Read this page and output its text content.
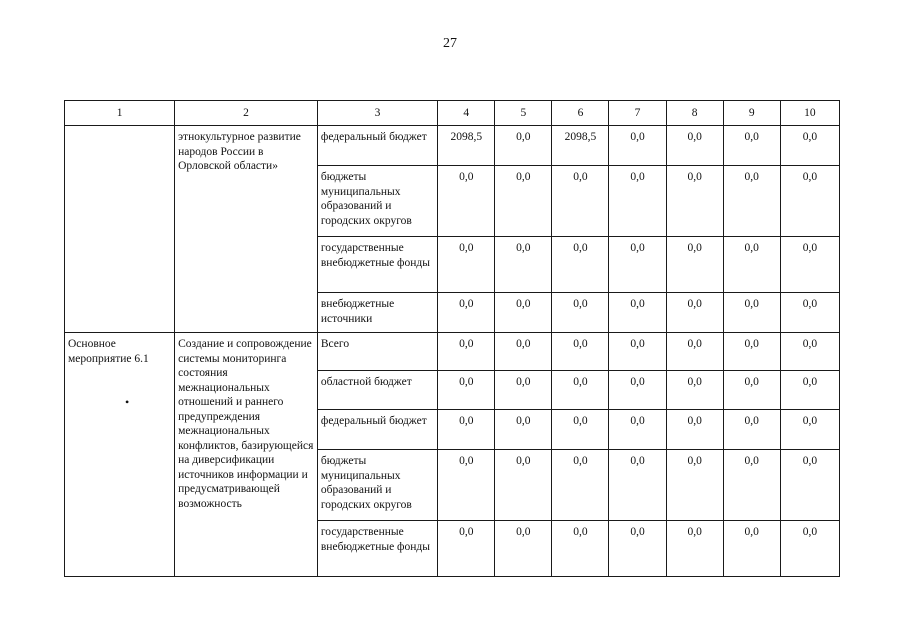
27
•
1	2	3	4	5	6	7	8	9	10
	этнокультурное развитие народов России в Орловской области»	федеральный бюджет	2098,5	0,0	2098,5	0,0	0,0	0,0	0,0
		бюджеты муниципальных образований и городских округов	0,0	0,0	0,0	0,0	0,0	0,0	0,0
		государственные внебюджетные фонды	0,0	0,0	0,0	0,0	0,0	0,0	0,0
		внебюджетные источники	0,0	0,0	0,0	0,0	0,0	0,0	0,0
Основное мероприятие 6.1	Создание и сопровождение системы мониторинга состояния межнациональных отношений и раннего предупреждения межнациональных конфликтов, базирующейся на диверсификации источников информации и предусматривающей возможность	Всего	0,0	0,0	0,0	0,0	0,0	0,0	0,0
		областной бюджет	0,0	0,0	0,0	0,0	0,0	0,0	0,0
		федеральный бюджет	0,0	0,0	0,0	0,0	0,0	0,0	0,0
		бюджеты муниципальных образований и городских округов	0,0	0,0	0,0	0,0	0,0	0,0	0,0
		государственные внебюджетные фонды	0,0	0,0	0,0	0,0	0,0	0,0	0,0
